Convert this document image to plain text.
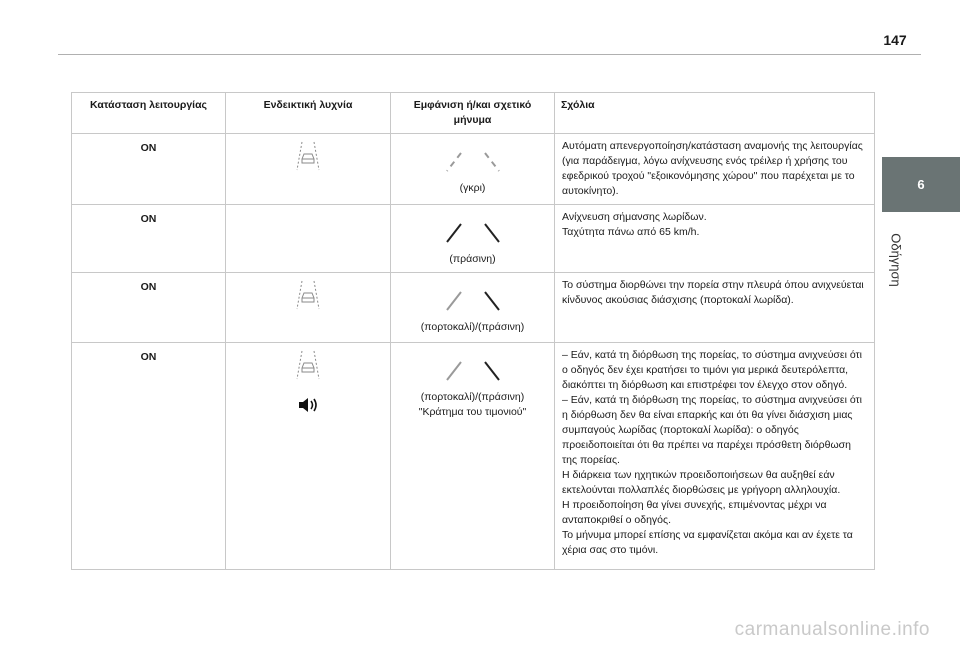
147
6
Οδήγηση
Κατάσταση λειτουργίας	Ενδεικτική λυχνία	Εμφάνιση ή/και σχετικό μήνυμα	Σχόλια
ON		(γκρι)	Αυτόματη απενεργοποίηση/κατάσταση αναμονής της λειτουργίας (για παράδειγμα, λόγω ανίχνευσης ενός τρέιλερ ή χρήσης του εφεδρικού τροχού "εξοικονόμησης χώρου" που παρέχεται με το αυτοκίνητο).

ON		(πράσινη)	Ανίχνευση σήμανσης λωρίδων.
Ταχύτητα πάνω από 65 km/h.

ON		(πορτοκαλί)/(πράσινη)	Το σύστημα διορθώνει την πορεία στην πλευρά όπου ανιχνεύεται κίνδυνος ακούσιας διάσχισης (πορτοκαλί λωρίδα).

ON		(πορτοκαλί)/(πράσινη)
"Κράτημα του τιμονιού"	– Εάν, κατά τη διόρθωση της πορείας, το σύστημα ανιχνεύσει ότι ο οδηγός δεν έχει κρατήσει το τιμόνι για μερικά δευτερόλεπτα, διακόπτει τη διόρθωση και επιστρέφει τον έλεγχο στον οδηγό.
– Εάν, κατά τη διόρθωση της πορείας, το σύστημα ανιχνεύσει ότι η διόρθωση δεν θα είναι επαρκής και ότι θα γίνει διάσχιση μιας συμπαγούς λωρίδας (πορτοκαλί λωρίδα): ο οδηγός προειδοποιείται ότι θα πρέπει να παρέχει πρόσθετη διόρθωση της πορείας.
Η διάρκεια των ηχητικών προειδοποιήσεων θα αυξηθεί εάν εκτελούνται πολλαπλές διορθώσεις με γρήγορη αλληλουχία.
Η προειδοποίηση θα γίνει συνεχής, επιμένοντας μέχρι να ανταποκριθεί ο οδηγός.
Το μήνυμα μπορεί επίσης να εμφανίζεται ακόμα και αν έχετε τα χέρια σας στο τιμόνι.
carmanualsonline.info
